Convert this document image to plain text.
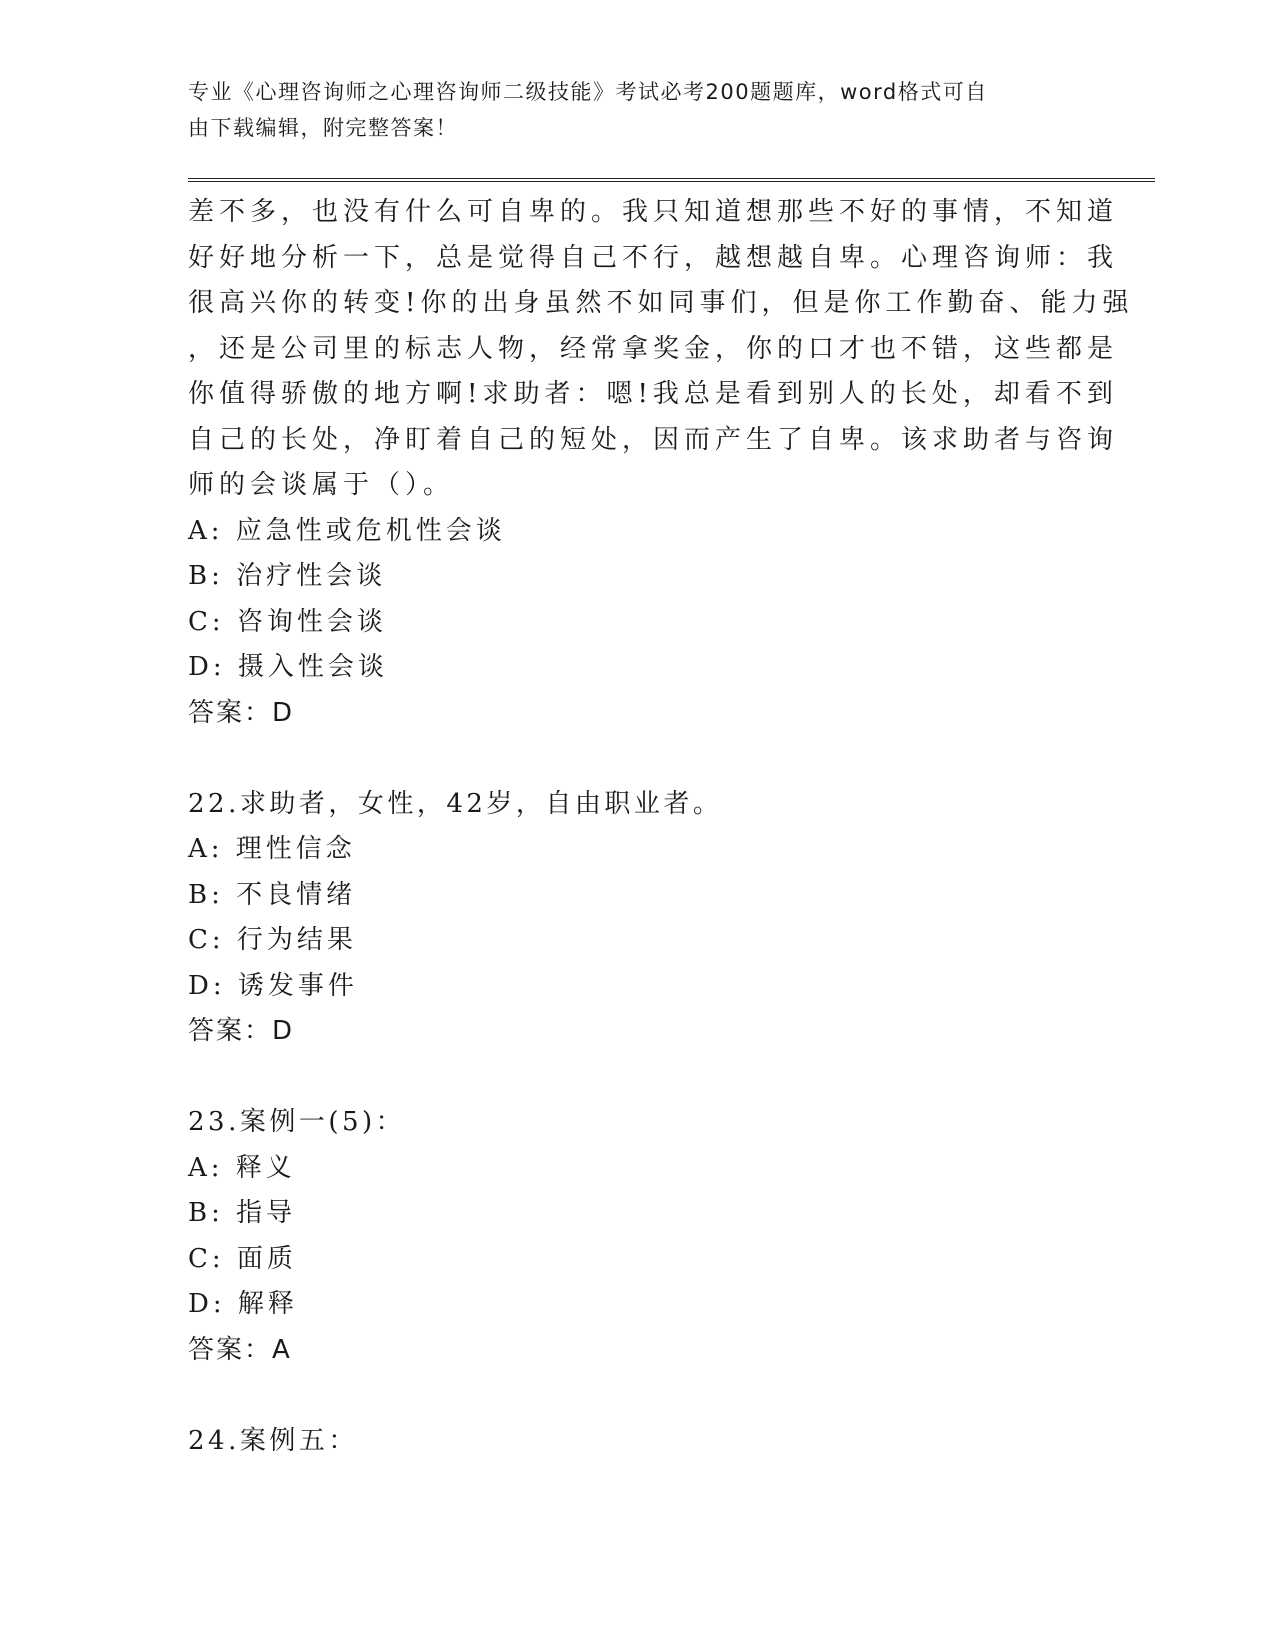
专业《心理咨询师之心理咨询师二级技能》考试必考200题题库，word格式可自
由下载编辑，附完整答案！
差不多，也没有什么可自卑的。我只知道想那些不好的事情，不知道
好好地分析一下，总是觉得自己不行，越想越自卑。心理咨询师：我
很高兴你的转变!你的出身虽然不如同事们，但是你工作勤奋、能力强
，还是公司里的标志人物，经常拿奖金，你的口才也不错，这些都是
你值得骄傲的地方啊!求助者：嗯!我总是看到别人的长处，却看不到
自己的长处，净盯着自己的短处，因而产生了自卑。该求助者与咨询
师的会谈属于（）。
A: 应急性或危机性会谈
B: 治疗性会谈
C: 咨询性会谈
D: 摄入性会谈
答案：D
22.求助者，女性，42岁，自由职业者。
A: 理性信念
B: 不良情绪
C: 行为结果
D: 诱发事件
答案：D
23.案例一(5)：
A: 释义
B: 指导
C: 面质
D: 解释
答案：A
24.案例五：
